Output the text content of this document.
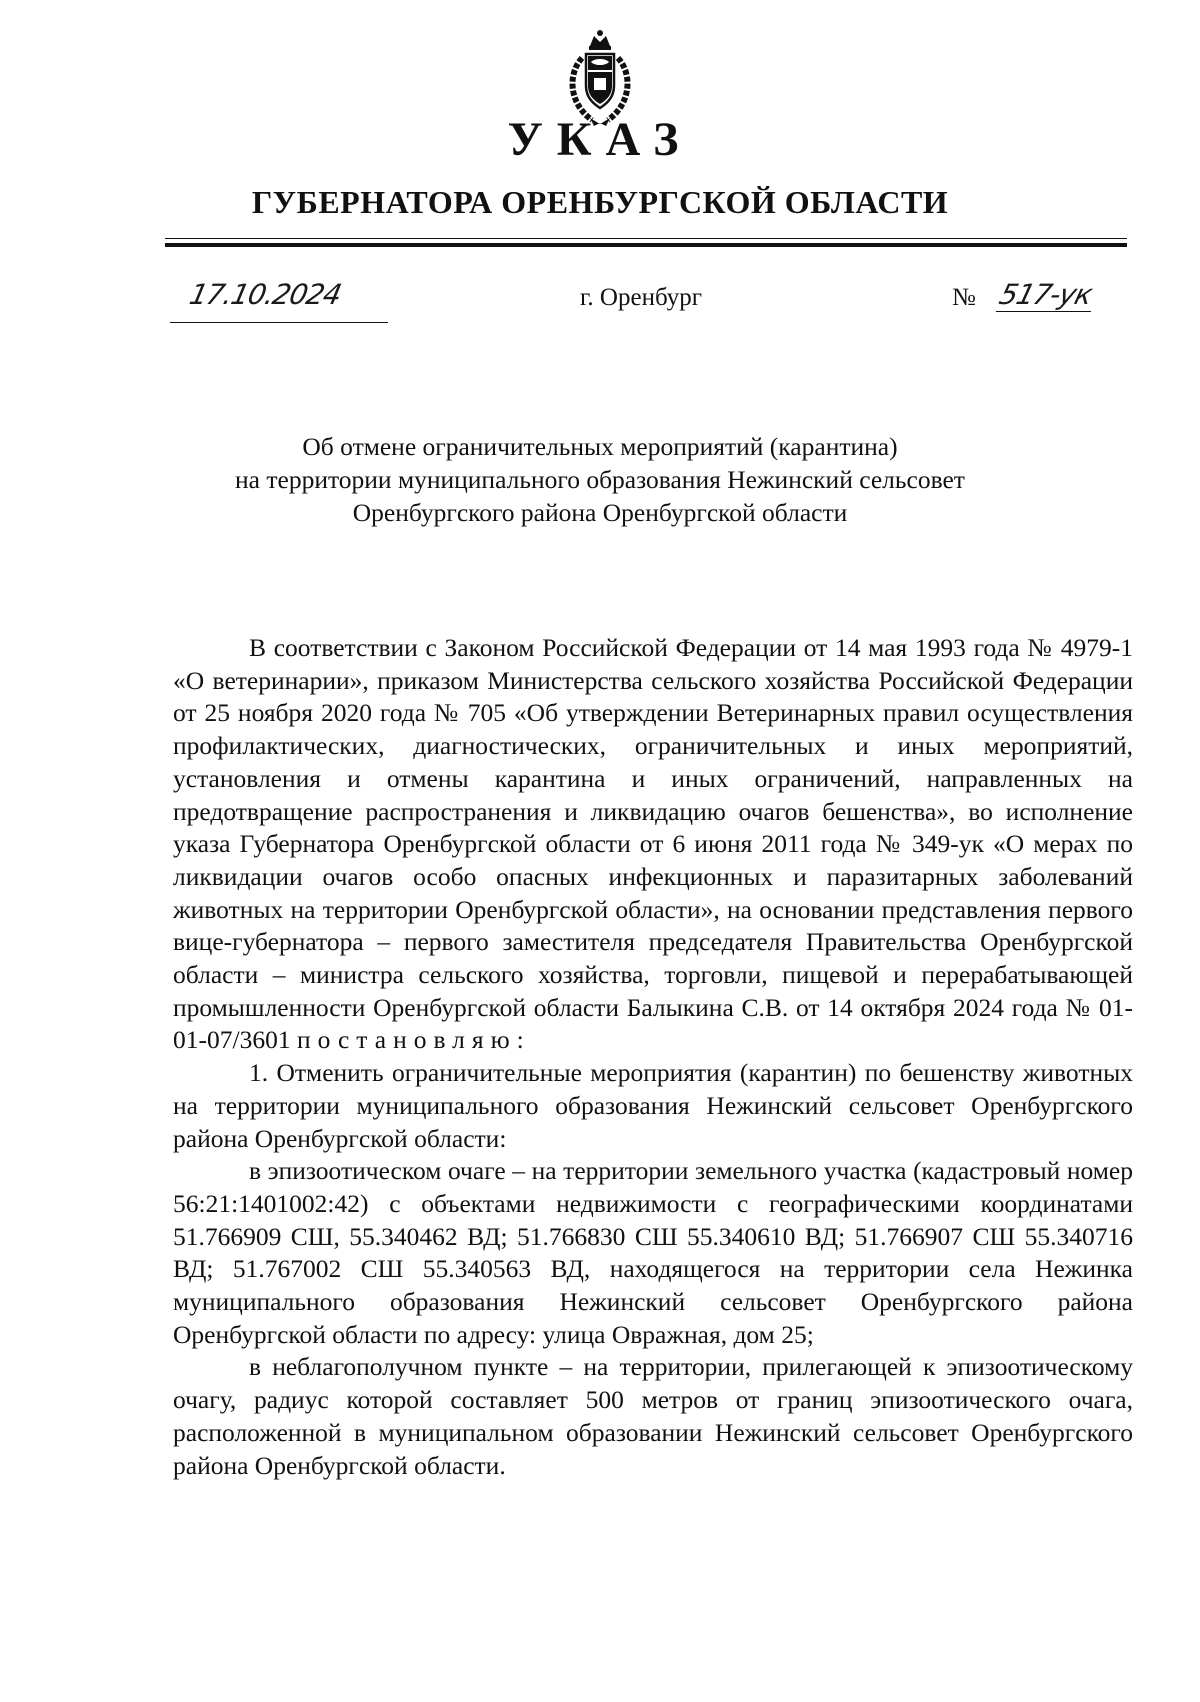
УКАЗ
ГУБЕРНАТОРА ОРЕНБУРГСКОЙ ОБЛАСТИ
17.10.2024	г. Оренбург	№ 517-ук
Об отмене ограничительных мероприятий (карантина)
на территории муниципального образования Нежинский сельсовет
Оренбургского района Оренбургской области

В соответствии с Законом Российской Федерации от 14 мая 1993 года № 4979-1 «О ветеринарии», приказом Министерства сельского хозяйства Российской Федерации от 25 ноября 2020 года № 705 «Об утверждении Ветеринарных правил осуществления профилактических, диагностических, ограничительных и иных мероприятий, установления и отмены карантина и иных ограничений, направленных на предотвращение распространения и ликвидацию очагов бешенства», во исполнение указа Губернатора Оренбургской области от 6 июня 2011 года № 349-ук «О мерах по ликвидации очагов особо опасных инфекционных и паразитарных заболеваний животных на территории Оренбургской области», на основании представления первого вице-губернатора – первого заместителя председателя Правительства Оренбургской области – министра сельского хозяйства, торговли, пищевой и перерабатывающей промышленности Оренбургской области Балыкина С.В. от 14 октября 2024 года № 01-01-07/3601 постановляю:

1. Отменить ограничительные мероприятия (карантин) по бешенству животных на территории муниципального образования Нежинский сельсовет Оренбургского района Оренбургской области:

в эпизоотическом очаге – на территории земельного участка (кадастровый номер 56:21:1401002:42) с объектами недвижимости с географическими координатами 51.766909 СШ, 55.340462 ВД; 51.766830 СШ 55.340610 ВД; 51.766907 СШ 55.340716 ВД; 51.767002 СШ 55.340563 ВД, находящегося на территории села Нежинка муниципального образования Нежинский сельсовет Оренбургского района Оренбургской области по адресу: улица Овражная, дом 25;

в неблагополучном пункте – на территории, прилегающей к эпизоотическому очагу, радиус которой составляет 500 метров от границ эпизоотического очага, расположенной в муниципальном образовании Нежинский сельсовет Оренбургского района Оренбургской области.
